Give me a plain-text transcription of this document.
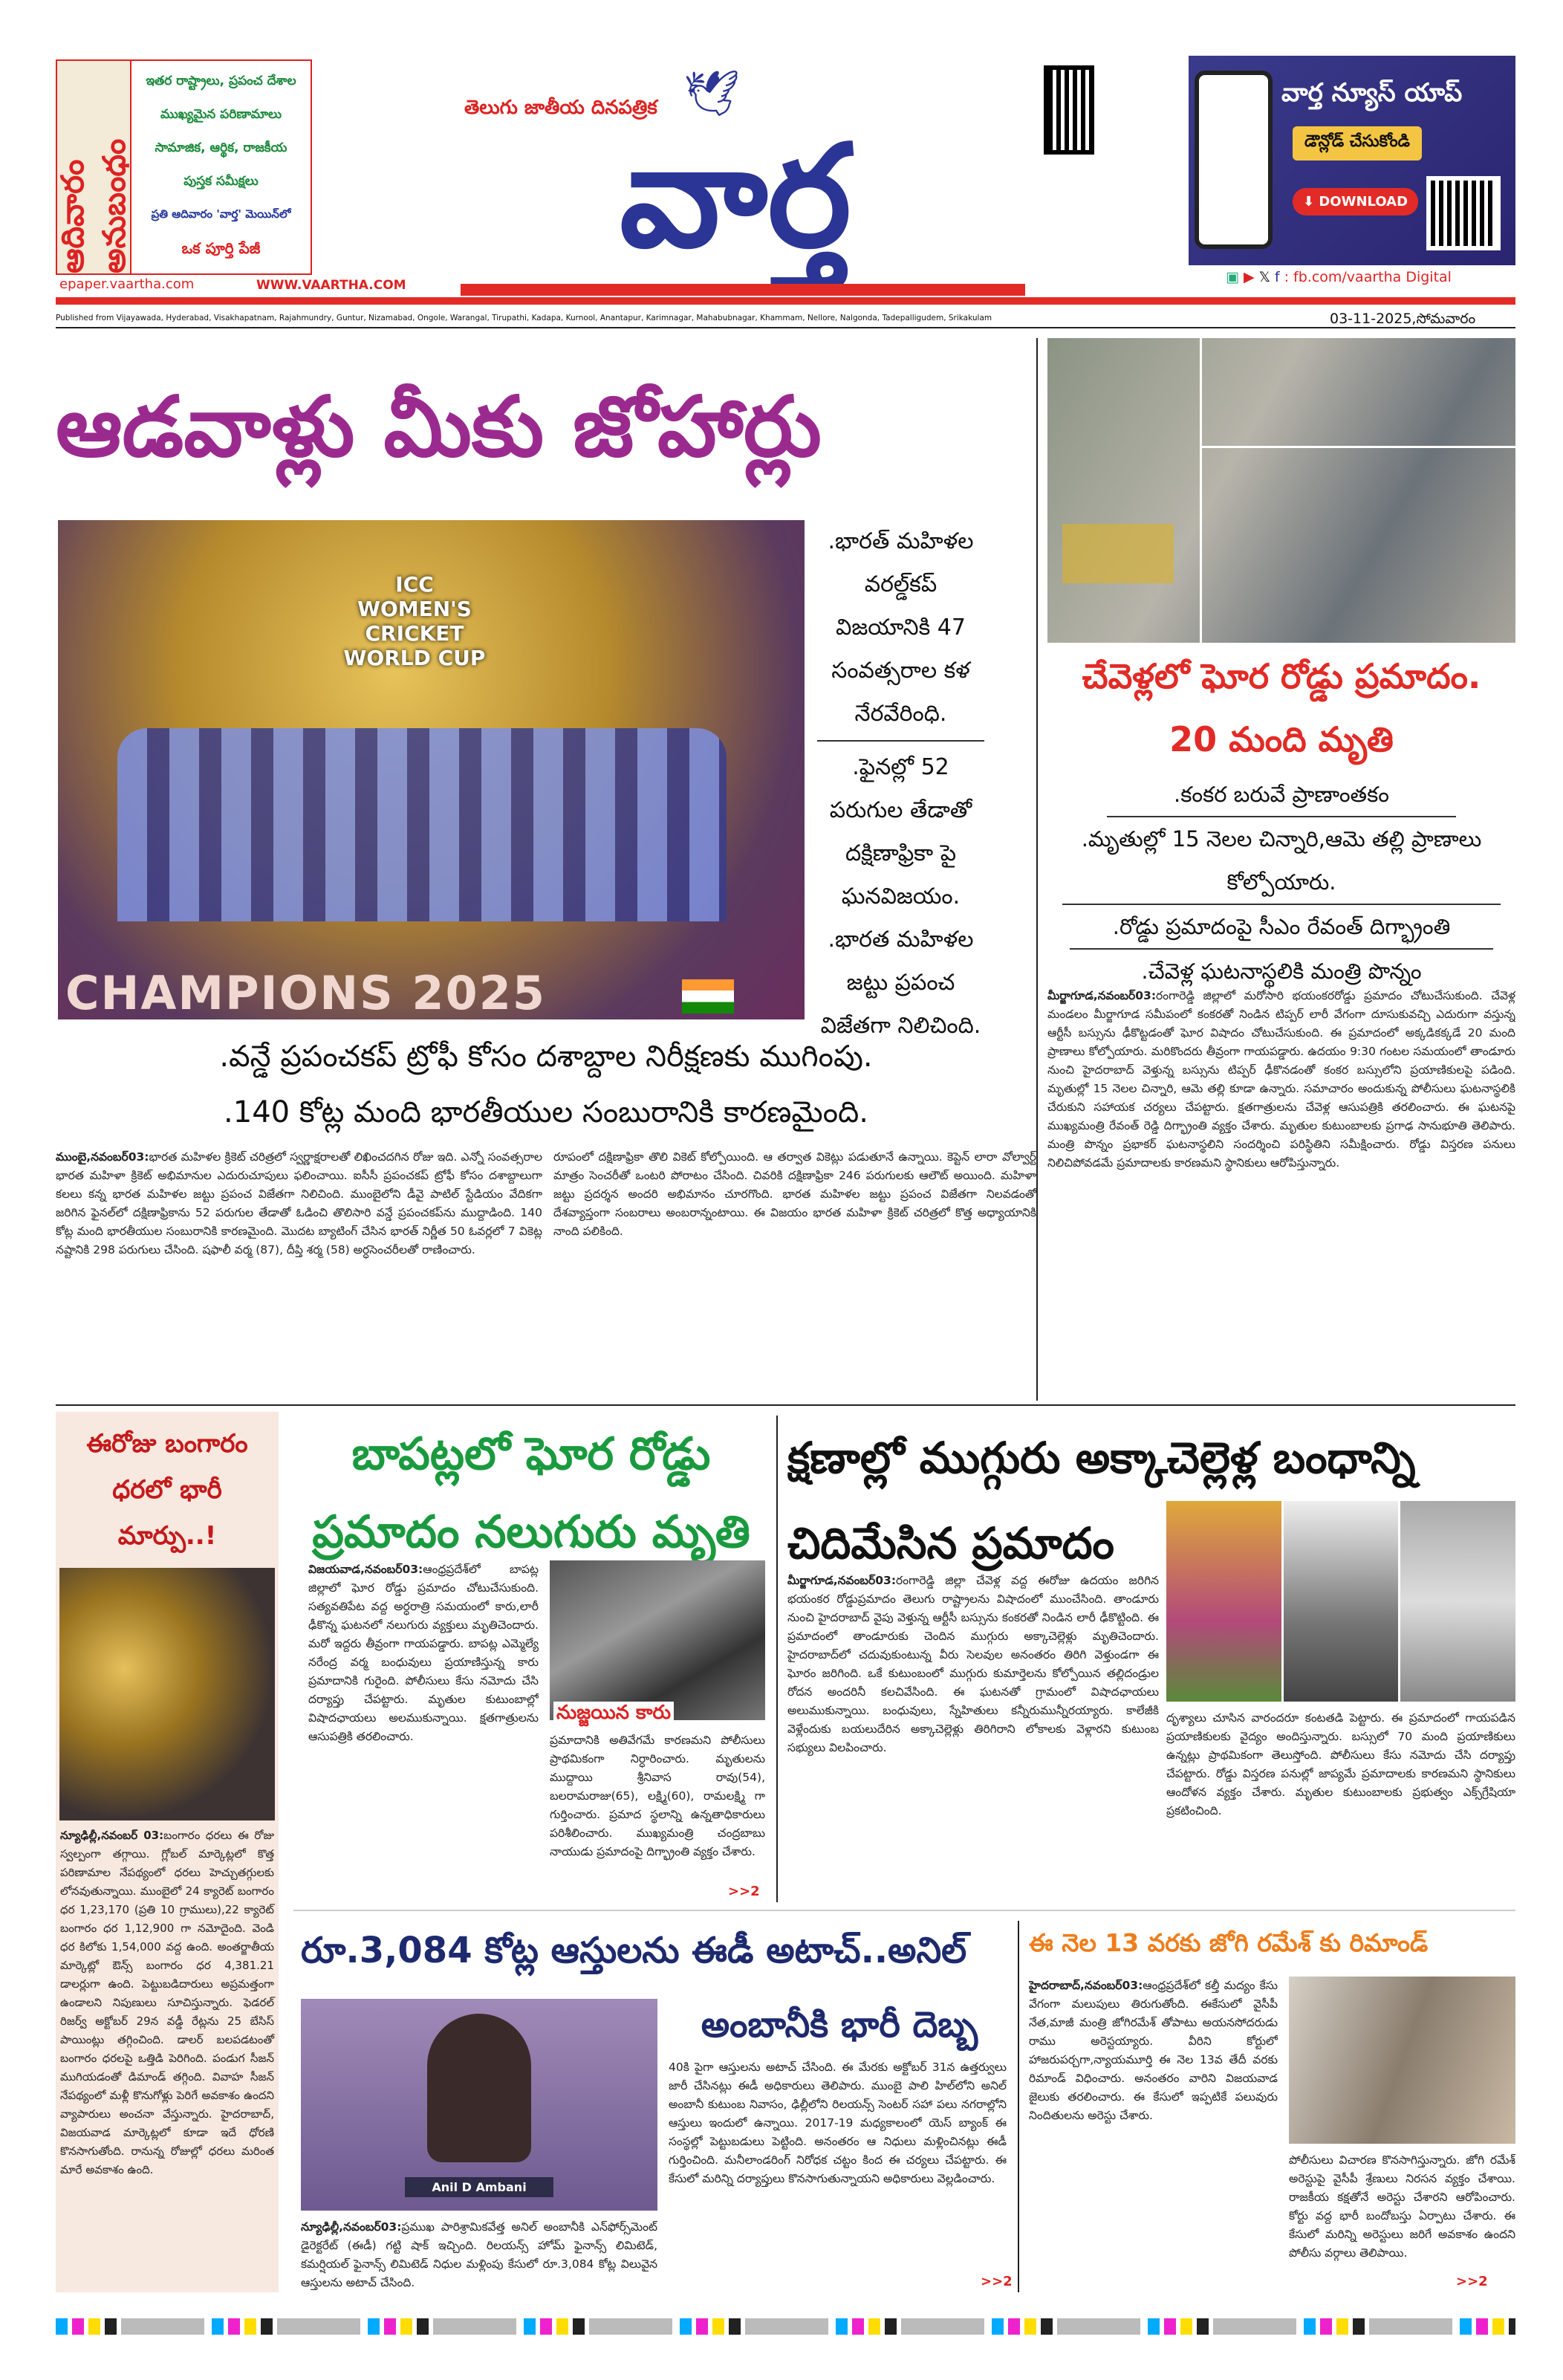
ఆదివారం అనుబంధం
ఇతర రాష్ట్రాలు, ప్రపంచ దేశాల
ముఖ్యమైన పరిణామాలు
సామాజిక, ఆర్థిక, రాజకీయ
పుస్తక సమీక్షలు
ప్రతి ఆదివారం 'వార్త' మెయిన్‌లో
ఒక పూర్తి పేజీ
epaper.vaartha.com	WWW.VAARTHA.COM
తెలుగు జాతీయ దినపత్రిక 🕊
వార్త
వార్త న్యూస్ యాప్
డౌన్లోడ్ చేసుకోండి
⬇ DOWNLOAD
▣ ▶ 𝕏 f : fb.com/vaartha Digital
Published from Vijayawada, Hyderabad, Visakhapatnam, Rajahmundry, Guntur, Nizamabad, Ongole, Warangal, Tirupathi, Kadapa, Kurnool, Anantapur, Karimnagar, Mahabubnagar, Khammam, Nellore, Nalgonda, Tadepalligudem, Srikakulam	03-11-2025,సోమవారం
ఆడవాళ్లు మీకు జోహార్లు
ICC WOMEN'S CRICKET WORLD CUP
CHAMPIONS 2025
.భారత్ మహిళల వరల్డ్‌కప్ విజయానికి 47 సంవత్సరాల కళ నేరవేరింధి.
.ఫైనల్లో 52 పరుగుల తేడాతో దక్షిణాఫ్రికా పై ఘనవిజయం.
.భారత మహిళల జట్టు ప్రపంచ విజేతగా నిలిచింది.
.వన్డే ప్రపంచకప్ ట్రోఫీ కోసం దశాబ్దాల నిరీక్షణకు ముగింపు.
.140 కోట్ల మంది భారతీయుల సంబురానికి కారణమైంది.
ముంబై,నవంబర్03:భారత మహిళల క్రికెట్ చరిత్రలో స్వర్ణాక్షరాలతో లిఖించదగిన రోజు ఇది. ఎన్నో సంవత్సరాల భారత మహిళా క్రికెట్ అభిమానుల ఎదురుచూపులు ఫలించాయి. ఐసీసీ ప్రపంచకప్ ట్రోఫీ కోసం దశాబ్దాలుగా కలలు కన్న భారత మహిళల జట్టు ప్రపంచ విజేతగా నిలిచింది. ముంబైలోని డీవై పాటిల్ స్టేడియం వేదికగా జరిగిన ఫైనల్‌లో దక్షిణాఫ్రికాను 52 పరుగుల తేడాతో ఓడించి తొలిసారి వన్డే ప్రపంచకప్‌ను ముద్దాడింది. 140 కోట్ల మంది భారతీయుల సంబురానికి కారణమైంది. మొదట బ్యాటింగ్ చేసిన భారత్ నిర్ణీత 50 ఓవర్లలో 7 వికెట్ల నష్టానికి 298 పరుగులు చేసింది. షఫాలీ వర్మ (87), దీప్తి శర్మ (58) అర్ధసెంచరీలతో రాణించారు.
రూపంలో దక్షిణాఫ్రికా తొలి వికెట్ కోల్పోయింది. ఆ తర్వాత వికెట్లు పడుతూనే ఉన్నాయి. కెప్టెన్ లారా వోల్వార్ట్ మాత్రం సెంచరీతో ఒంటరి పోరాటం చేసింది. చివరికి దక్షిణాఫ్రికా 246 పరుగులకు ఆలౌట్ అయింది. మహిళా జట్టు ప్రదర్శన అందరి అభిమానం చూరగొంది. భారత మహిళల జట్టు ప్రపంచ విజేతగా నిలవడంతో దేశవ్యాప్తంగా సంబరాలు అంబరాన్నంటాయి. ఈ విజయం భారత మహిళా క్రికెట్ చరిత్రలో కొత్త అధ్యాయానికి నాంది పలికింది.
చేవెళ్లలో ఘోర రోడ్డు ప్రమాదం.
20 మంది మృతి
.కంకర బరువే ప్రాణాంతకం
.మృతుల్లో 15 నెలల చిన్నారి,ఆమె తల్లి ప్రాణాలు కోల్పోయారు.
.రోడ్డు ప్రమాదంపై సీఎం రేవంత్ దిగ్భ్రాంతి
.చేవెళ్ల ఘటనాస్థలికి మంత్రి పొన్నం
మీర్జాగూడ,నవంబర్03:రంగారెడ్డి జిల్లాలో మరోసారి భయంకరరోడ్డు ప్రమాదం చోటుచేసుకుంది. చేవెళ్ల మండలం మీర్జాగూడ సమీపంలో కంకరతో నిండిన టిప్పర్ లారీ వేగంగా దూసుకువచ్చి ఎదురుగా వస్తున్న ఆర్టీసీ బస్సును ఢీకొట్టడంతో ఘోర విషాదం చోటుచేసుకుంది. ఈ ప్రమాదంలో అక్కడికక్కడే 20 మంది ప్రాణాలు కోల్పోయారు. మరికొందరు తీవ్రంగా గాయపడ్డారు. ఉదయం 9:30 గంటల సమయంలో తాండూరు నుంచి హైదరాబాద్ వెళ్తున్న బస్సును టిప్పర్ ఢీకొనడంతో కంకర బస్సులోని ప్రయాణికులపై పడింది. మృతుల్లో 15 నెలల చిన్నారి, ఆమె తల్లి కూడా ఉన్నారు. సమాచారం అందుకున్న పోలీసులు ఘటనాస్థలికి చేరుకుని సహాయక చర్యలు చేపట్టారు. క్షతగాత్రులను చేవెళ్ల ఆసుపత్రికి తరలించారు. ఈ ఘటనపై ముఖ్యమంత్రి రేవంత్ రెడ్డి దిగ్భ్రాంతి వ్యక్తం చేశారు. మృతుల కుటుంబాలకు ప్రగాఢ సానుభూతి తెలిపారు. మంత్రి పొన్నం ప్రభాకర్ ఘటనాస్థలిని సందర్శించి పరిస్థితిని సమీక్షించారు. రోడ్డు విస్తరణ పనులు నిలిచిపోవడమే ప్రమాదాలకు కారణమని స్థానికులు ఆరోపిస్తున్నారు.
ఈరోజు బంగారం ధరలో భారీ మార్పు..!
న్యూఢిల్లీ,నవంబర్ 03:బంగారం ధరలు ఈ రోజు స్వల్పంగా తగ్గాయి. గ్లోబల్ మార్కెట్లలో కొత్త పరిణామాల నేపథ్యంలో ధరలు హెచ్చుతగ్గులకు లోనవుతున్నాయి. ముంబైలో 24 క్యారెట్ బంగారం ధర 1,23,170 (ప్రతి 10 గ్రాములు),22 క్యారెట్ బంగారం ధర 1,12,900 గా నమోదైంది. వెండి ధర కిలోకు 1,54,000 వద్ద ఉంది. అంతర్జాతీయ మార్కెట్లో ఔన్స్ బంగారం ధర 4,381.21 డాలర్లుగా ఉంది. పెట్టుబడిదారులు అప్రమత్తంగా ఉండాలని నిపుణులు సూచిస్తున్నారు. ఫెడరల్ రిజర్వ్ అక్టోబర్ 29న వడ్డీ రేట్లను 25 బేసిస్ పాయింట్లు తగ్గించింది. డాలర్ బలపడటంతో బంగారం ధరలపై ఒత్తిడి పెరిగింది. పండుగ సీజన్ ముగియడంతో డిమాండ్ తగ్గింది. వివాహ సీజన్ నేపథ్యంలో మళ్లీ కొనుగోళ్లు పెరిగే అవకాశం ఉందని వ్యాపారులు అంచనా వేస్తున్నారు. హైదరాబాద్, విజయవాడ మార్కెట్లలో కూడా ఇదే ధోరణి కొనసాగుతోంది. రానున్న రోజుల్లో ధరలు మరింత మారే అవకాశం ఉంది.
బాపట్లలో ఘోర రోడ్డు ప్రమాదం నలుగురు మృతి
విజయవాడ,నవంబర్03:ఆంధ్రప్రదేశ్‌లో బాపట్ల జిల్లాలో ఘోర రోడ్డు ప్రమాదం చోటుచేసుకుంది. సత్యవతిపేట వద్ద అర్ధరాత్రి సమయంలో కారు,లారీ ఢీకొన్న ఘటనలో నలుగురు వ్యక్తులు మృతిచెందారు. మరో ఇద్దరు తీవ్రంగా గాయపడ్డారు. బాపట్ల ఎమ్మెల్యే నరేంద్ర వర్మ బంధువులు ప్రయాణిస్తున్న కారు ప్రమాదానికి గురైంది. పోలీసులు కేసు నమోదు చేసి దర్యాప్తు చేపట్టారు. మృతుల కుటుంబాల్లో విషాదఛాయలు అలముకున్నాయి. క్షతగాత్రులను ఆసుపత్రికి తరలించారు.
నుజ్జయిన కారు
ప్రమాదానికి అతివేగమే కారణమని పోలీసులు ప్రాథమికంగా నిర్ధారించారు. మృతులను ముద్దాయి శ్రీనివాస రావు(54), బలరామరాజు(65), లక్ష్మి(60), రామలక్ష్మి గా గుర్తించారు. ప్రమాద స్థలాన్ని ఉన్నతాధికారులు పరిశీలించారు. ముఖ్యమంత్రి చంద్రబాబు నాయుడు ప్రమాదంపై దిగ్భ్రాంతి వ్యక్తం చేశారు.
>>2
క్షణాల్లో ముగ్గురు అక్కాచెల్లెళ్ల బంధాన్ని చిదిమేసిన ప్రమాదం
మీర్జాగూడ,నవంబర్03:రంగారెడ్డి జిల్లా చేవెళ్ల వద్ద ఈరోజు ఉదయం జరిగిన భయంకర రోడ్డుప్రమాదం తెలుగు రాష్ట్రాలను విషాదంలో ముంచేసింది. తాండూరు నుంచి హైదరాబాద్ వైపు వెళ్తున్న ఆర్టీసీ బస్సును కంకరతో నిండిన లారీ ఢీకొట్టింది. ఈ ప్రమాదంలో తాండూరుకు చెందిన ముగ్గురు అక్కాచెల్లెళ్లు మృతిచెందారు. హైదరాబాద్‌లో చదువుకుంటున్న వీరు సెలవుల అనంతరం తిరిగి వెళ్తుండగా ఈ ఘోరం జరిగింది. ఒకే కుటుంబంలో ముగ్గురు కుమార్తెలను కోల్పోయిన తల్లిదండ్రుల రోదన అందరినీ కలచివేసింది. ఈ ఘటనతో గ్రామంలో విషాదఛాయలు అలుముకున్నాయి. బంధువులు, స్నేహితులు కన్నీరుమున్నీరయ్యారు. కాలేజీకి వెళ్లేందుకు బయలుదేరిన అక్కాచెల్లెళ్లు తిరిగిరాని లోకాలకు వెళ్లారని కుటుంబ సభ్యులు విలపించారు.
దృశ్యాలు చూసిన వారందరూ కంటతడి పెట్టారు. ఈ ప్రమాదంలో గాయపడిన ప్రయాణికులకు వైద్యం అందిస్తున్నారు. బస్సులో 70 మంది ప్రయాణికులు ఉన్నట్లు ప్రాథమికంగా తెలుస్తోంది. పోలీసులు కేసు నమోదు చేసి దర్యాప్తు చేపట్టారు. రోడ్డు విస్తరణ పనుల్లో జాప్యమే ప్రమాదాలకు కారణమని స్థానికులు ఆందోళన వ్యక్తం చేశారు. మృతుల కుటుంబాలకు ప్రభుత్వం ఎక్స్‌గ్రేషియా ప్రకటించింది.
రూ.3,084 కోట్ల ఆస్తులను ఈడీ అటాచ్..అనిల్
Anil D Ambani
అంబానీకి భారీ దెబ్బ
న్యూఢిల్లీ,నవంబర్03:ప్రముఖ పారిశ్రామికవేత్త అనిల్ అంబానీకి ఎన్‌ఫోర్స్‌మెంట్ డైరెక్టరేట్ (ఈడీ) గట్టి షాక్ ఇచ్చింది. రిలయన్స్ హోమ్ ఫైనాన్స్ లిమిటెడ్, కమర్షియల్ ఫైనాన్స్ లిమిటెడ్ నిధుల మళ్లింపు కేసులో రూ.3,084 కోట్ల విలువైన ఆస్తులను అటాచ్ చేసింది.
40కి పైగా ఆస్తులను అటాచ్ చేసింది. ఈ మేరకు అక్టోబర్ 31న ఉత్తర్వులు జారీ చేసినట్లు ఈడీ అధికారులు తెలిపారు. ముంబై పాలి హిల్‌లోని అనిల్ అంబానీ కుటుంబ నివాసం, ఢిల్లీలోని రిలయన్స్ సెంటర్ సహా పలు నగరాల్లోని ఆస్తులు ఇందులో ఉన్నాయి. 2017-19 మధ్యకాలంలో యెస్ బ్యాంక్ ఈ సంస్థల్లో పెట్టుబడులు పెట్టింది. అనంతరం ఆ నిధులు మళ్లించినట్లు ఈడీ గుర్తించింది. మనీలాండరింగ్ నిరోధక చట్టం కింద ఈ చర్యలు చేపట్టారు. ఈ కేసులో మరిన్ని దర్యాప్తులు కొనసాగుతున్నాయని అధికారులు వెల్లడించారు.
>>2
ఈ నెల 13 వరకు జోగి రమేశ్ కు రిమాండ్
హైదరాబాద్,నవంబర్03:ఆంధ్రప్రదేశ్‌లో కల్తీ మద్యం కేసు వేగంగా మలుపులు తిరుగుతోంది. ఈకేసులో వైసీపీ నేత,మాజీ మంత్రి జోగిరమేశ్ తోపాటు అయనసోదరుడు రాము అరెస్టయ్యారు. వీరిని కోర్టులో హాజరుపర్చగా,న్యాయమూర్తి ఈ నెల 13వ తేదీ వరకు రిమాండ్ విధించారు. అనంతరం వారిని విజయవాడ జైలుకు తరలించారు. ఈ కేసులో ఇప్పటికే పలువురు నిందితులను అరెస్టు చేశారు.
పోలీసులు విచారణ కొనసాగిస్తున్నారు. జోగి రమేశ్ అరెస్టుపై వైసీపీ శ్రేణులు నిరసన వ్యక్తం చేశాయి. రాజకీయ కక్షతోనే అరెస్టు చేశారని ఆరోపించారు. కోర్టు వద్ద భారీ బందోబస్తు ఏర్పాటు చేశారు. ఈ కేసులో మరిన్ని అరెస్టులు జరిగే అవకాశం ఉందని పోలీసు వర్గాలు తెలిపాయి.
>>2
